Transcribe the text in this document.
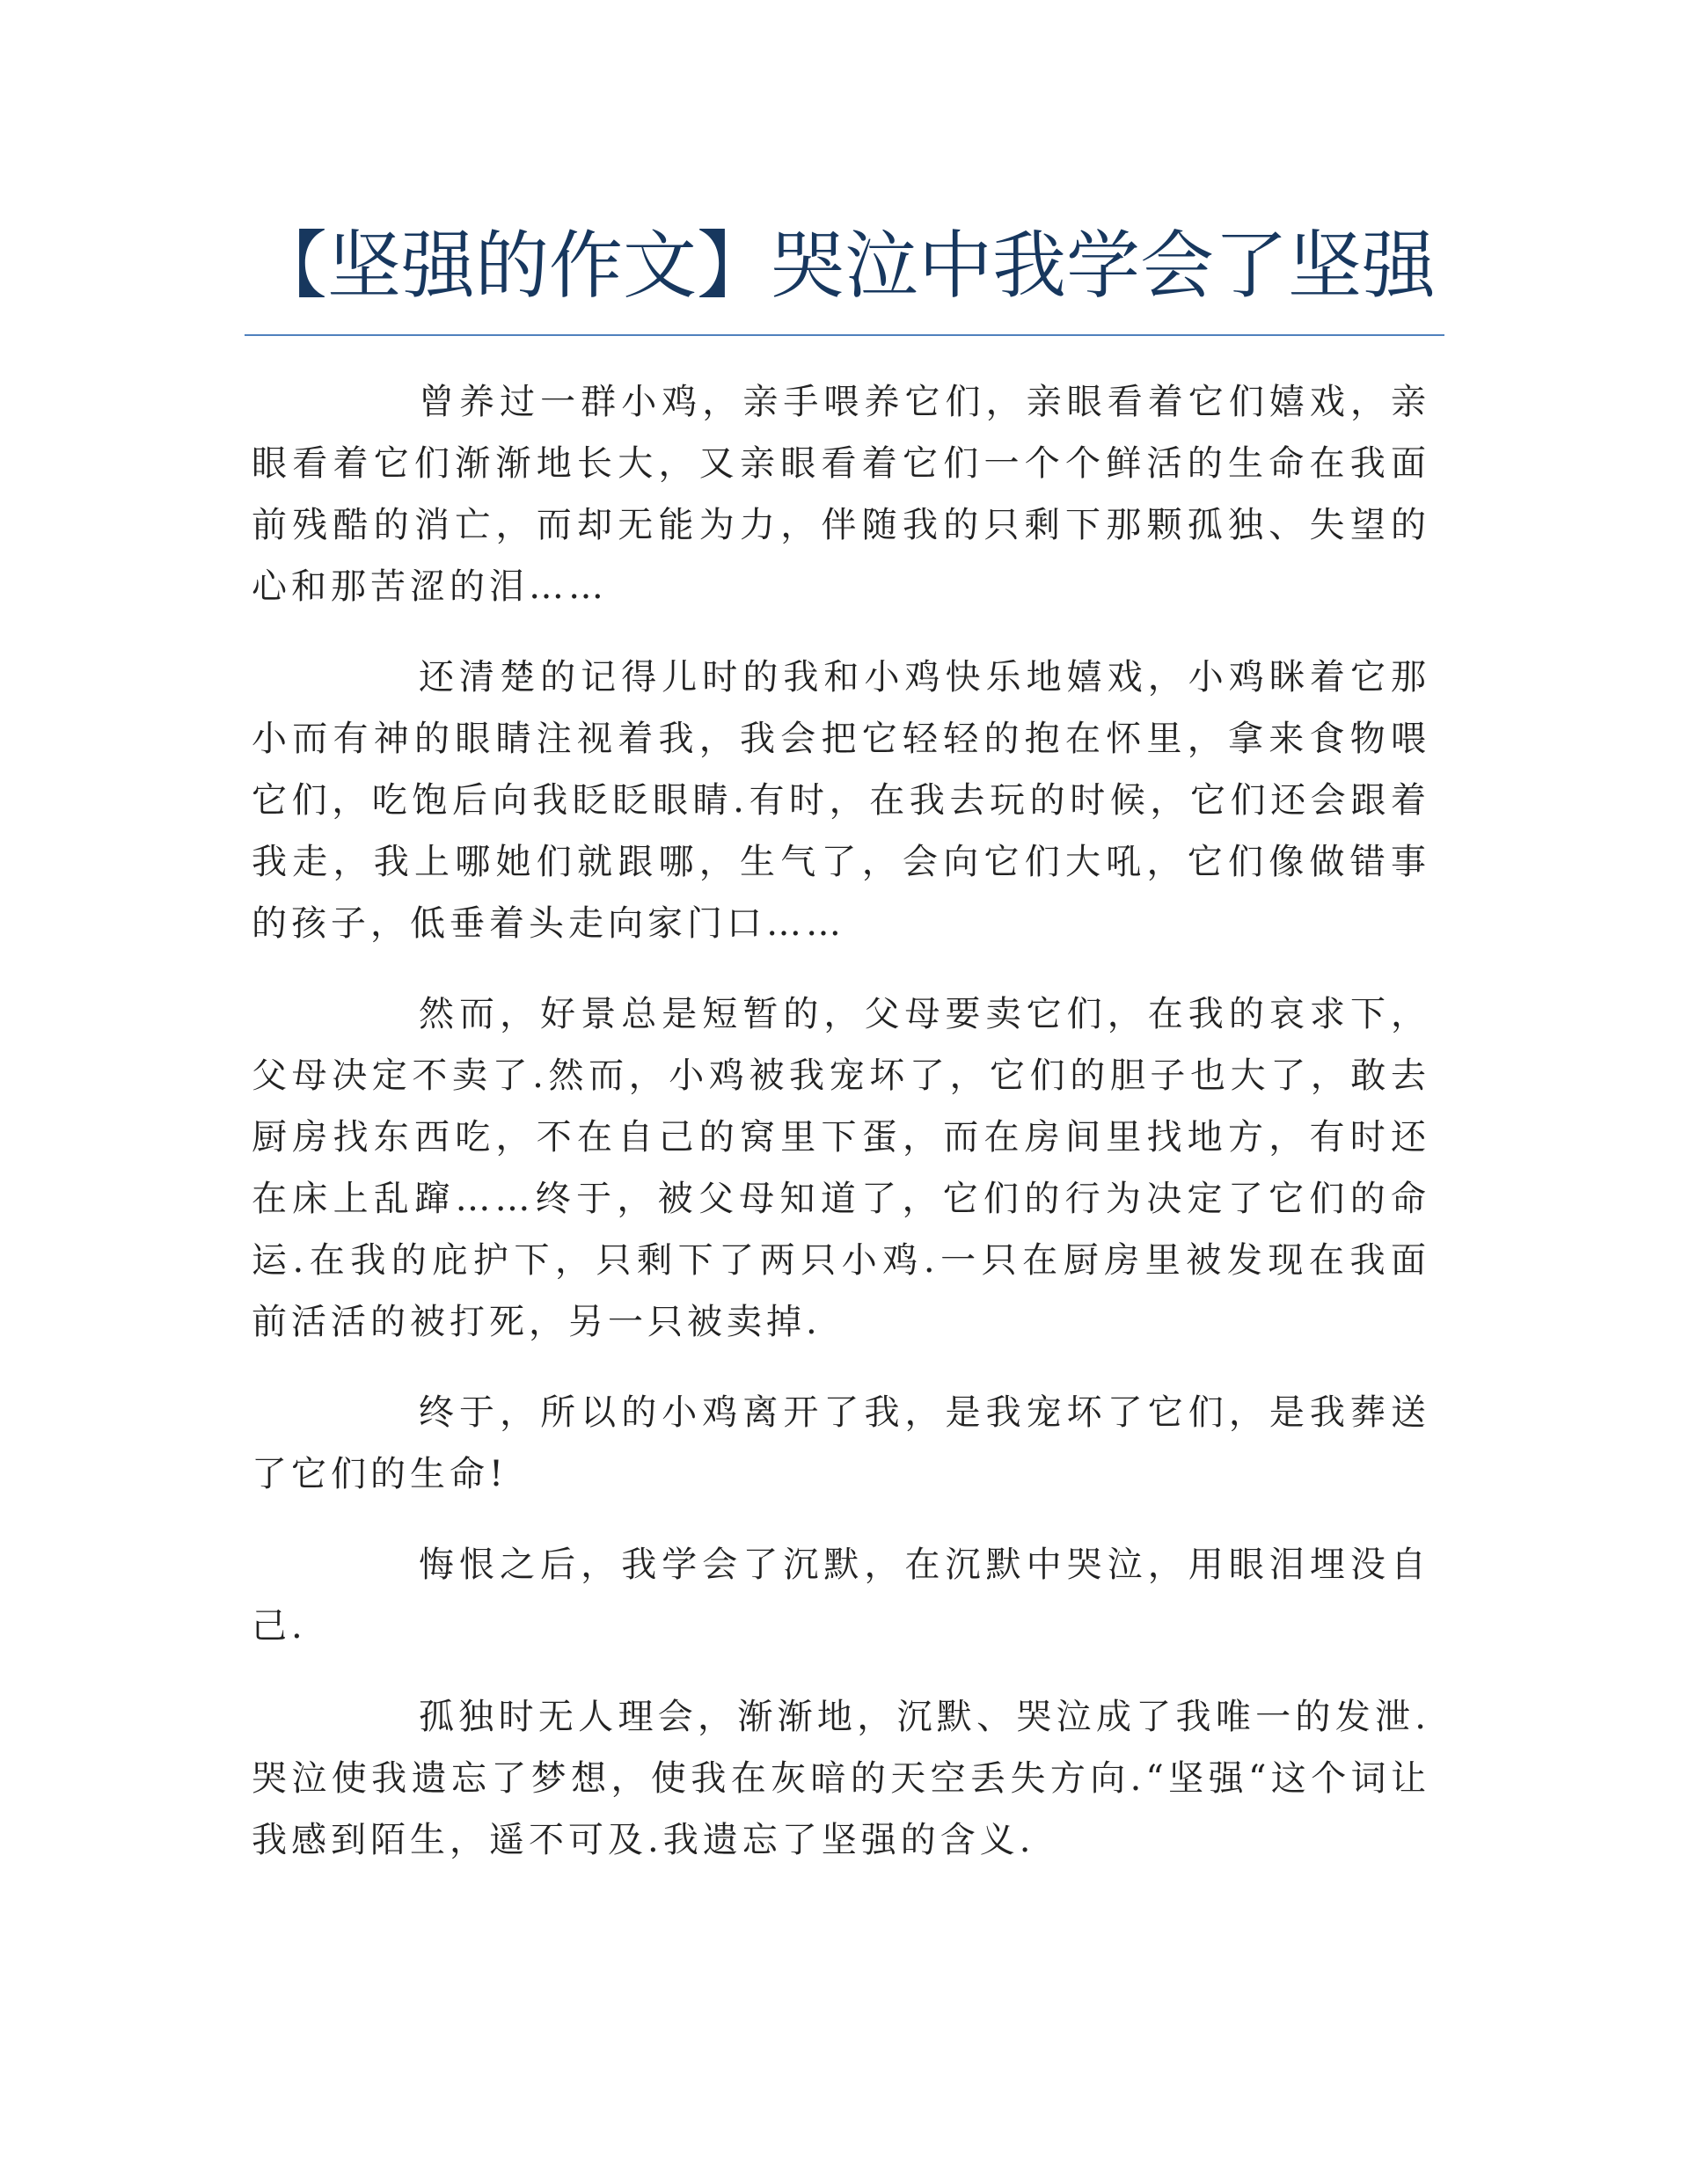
【坚强的作文】哭泣中我学会了坚强

曾养过一群小鸡，亲手喂养它们，亲眼看着它们嬉戏，亲眼看着它们渐渐地长大，又亲眼看着它们一个个鲜活的生命在我面前残酷的消亡，而却无能为力，伴随我的只剩下那颗孤独、失望的心和那苦涩的泪……

还清楚的记得儿时的我和小鸡快乐地嬉戏，小鸡眯着它那小而有神的眼睛注视着我，我会把它轻轻的抱在怀里，拿来食物喂它们，吃饱后向我眨眨眼睛.有时，在我去玩的时候，它们还会跟着我走，我上哪她们就跟哪，生气了，会向它们大吼，它们像做错事的孩子，低垂着头走向家门口……

然而，好景总是短暂的，父母要卖它们，在我的哀求下，父母决定不卖了.然而，小鸡被我宠坏了，它们的胆子也大了，敢去厨房找东西吃，不在自己的窝里下蛋，而在房间里找地方，有时还在床上乱蹿……终于，被父母知道了，它们的行为决定了它们的命运.在我的庇护下，只剩下了两只小鸡.一只在厨房里被发现在我面前活活的被打死，另一只被卖掉.

终于，所以的小鸡离开了我，是我宠坏了它们，是我葬送了它们的生命!

悔恨之后，我学会了沉默，在沉默中哭泣，用眼泪埋没自己.

孤独时无人理会，渐渐地，沉默、哭泣成了我唯一的发泄.哭泣使我遗忘了梦想，使我在灰暗的天空丢失方向.“坚强“这个词让我感到陌生，遥不可及.我遗忘了坚强的含义.
